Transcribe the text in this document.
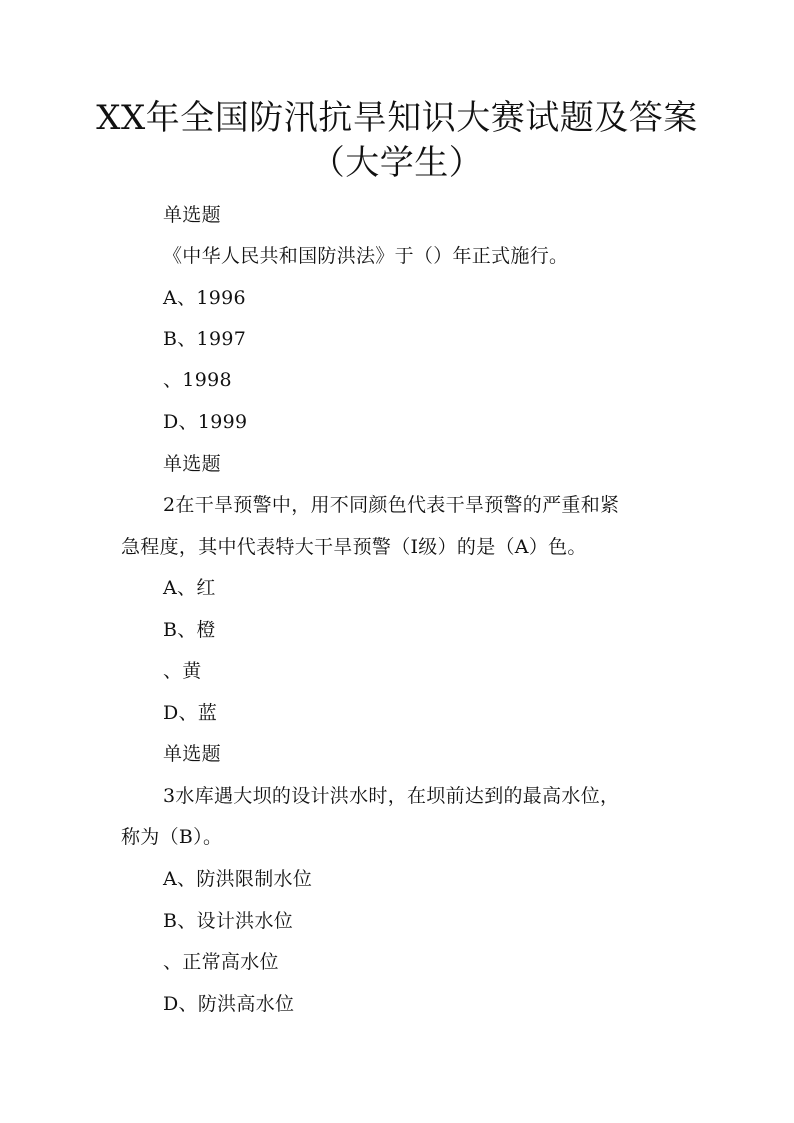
XX年全国防汛抗旱知识大赛试题及答案
（大学生）
单选题
《中华人民共和国防洪法》于（）年正式施行。
A、1996
B、1997
、1998
D、1999
单选题
2在干旱预警中，用不同颜色代表干旱预警的严重和紧
急程度，其中代表特大干旱预警（Ⅰ级）的是（A）色。
A、红
B、橙
、黄
D、蓝
单选题
3水库遇大坝的设计洪水时，在坝前达到的最高水位，
称为（B）。
A、防洪限制水位
B、设计洪水位
、正常高水位
D、防洪高水位
